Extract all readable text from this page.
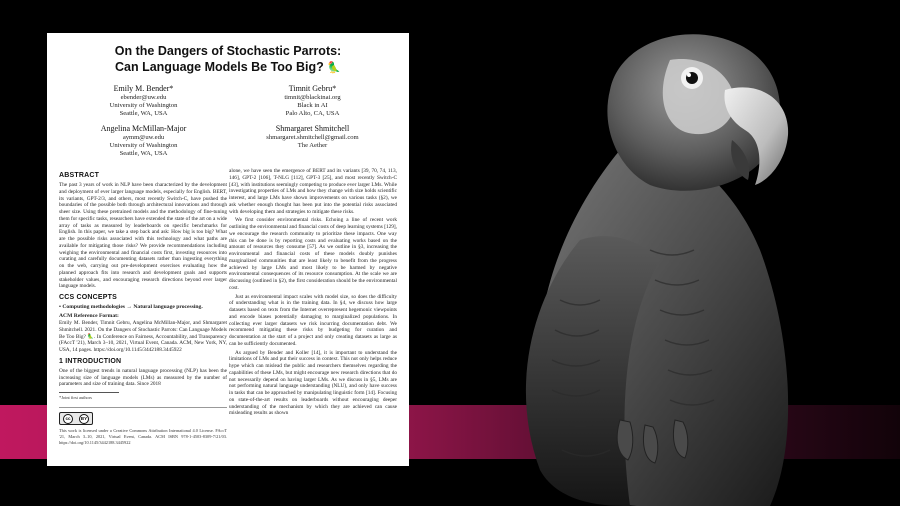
On the Dangers of Stochastic Parrots:
Can Language Models Be Too Big? 🦜
Emily M. Bender*
ebender@uw.edu
University of Washington
Seattle, WA, USA
Timnit Gebru*
timnit@blackinai.org
Black in AI
Palo Alto, CA, USA
Angelina McMillan-Major
aymm@uw.edu
University of Washington
Seattle, WA, USA
Shmargaret Shmitchell
shmargaret.shmitchell@gmail.com
The Aether
ABSTRACT

The past 3 years of work in NLP have been characterized by the development and deployment of ever larger language models, especially for English. BERT, its variants, GPT-2/3, and others, most recently Switch-C, have pushed the boundaries of the possible both through architectural innovations and through sheer size. Using these pretrained models and the methodology of fine-tuning them for specific tasks, researchers have extended the state of the art on a wide array of tasks as measured by leaderboards on specific benchmarks for English. In this paper, we take a step back and ask: How big is too big? What are the possible risks associated with this technology and what paths are available for mitigating those risks? We provide recommendations including weighing the environmental and financial costs first, investing resources into curating and carefully documenting datasets rather than ingesting everything on the web, carrying out pre-development exercises evaluating how the planned approach fits into research and development goals and supports stakeholder values, and encouraging research directions beyond ever larger language models.

CCS CONCEPTS
• Computing methodologies → Natural language processing.
ACM Reference Format:

Emily M. Bender, Timnit Gebru, Angelina McMillan-Major, and Shmargaret Shmitchell. 2021. On the Dangers of Stochastic Parrots: Can Language Models Be Too Big? 🦜. In Conference on Fairness, Accountability, and Transparency (FAccT '21), March 3–10, 2021, Virtual Event, Canada. ACM, New York, NY, USA, 14 pages. https://doi.org/10.1145/3442188.3445922

1 INTRODUCTION

One of the biggest trends in natural language processing (NLP) has been the increasing size of language models (LMs) as measured by the number of parameters and size of training data. Since 2018

*Joint first authors
cc	BY
This work is licensed under a Creative Commons Attribution International 4.0 License. FAccT '21, March 3–10, 2021, Virtual Event, Canada. ACM ISBN 978-1-4503-8309-7/21/03. https://doi.org/10.1145/3442188.3445922

alone, we have seen the emergence of BERT and its variants [39, 70, 74, 113, 146], GPT-2 [106], T-NLG [112], GPT-3 [25], and most recently Switch-C [43], with institutions seemingly competing to produce ever larger LMs. While investigating properties of LMs and how they change with size holds scientific interest, and large LMs have shown improvements on various tasks (§2), we ask whether enough thought has been put into the potential risks associated with developing them and strategies to mitigate these risks.

We first consider environmental risks. Echoing a line of recent work outlining the environmental and financial costs of deep learning systems [129], we encourage the research community to prioritize these impacts. One way this can be done is by reporting costs and evaluating works based on the amount of resources they consume [57]. As we outline in §3, increasing the environmental and financial costs of these models doubly punishes marginalized communities that are least likely to benefit from the progress achieved by large LMs and most likely to be harmed by negative environmental consequences of its resource consumption. At the scale we are discussing (outlined in §2), the first consideration should be the environmental cost.

Just as environmental impact scales with model size, so does the difficulty of understanding what is in the training data. In §4, we discuss how large datasets based on texts from the Internet overrepresent hegemonic viewpoints and encode biases potentially damaging to marginalized populations. In collecting ever larger datasets we risk incurring documentation debt. We recommend mitigating these risks by budgeting for curation and documentation at the start of a project and only creating datasets as large as can be sufficiently documented.

As argued by Bender and Koller [14], it is important to understand the limitations of LMs and put their success in context. This not only helps reduce hype which can mislead the public and researchers themselves regarding the capabilities of these LMs, but might encourage new research directions that do not necessarily depend on having larger LMs. As we discuss in §5, LMs are not performing natural language understanding (NLU), and only have success in tasks that can be approached by manipulating linguistic form [14]. Focusing on state-of-the-art results on leaderboards without encouraging deeper understanding of the mechanism by which they are achieved can cause misleading results as shown
